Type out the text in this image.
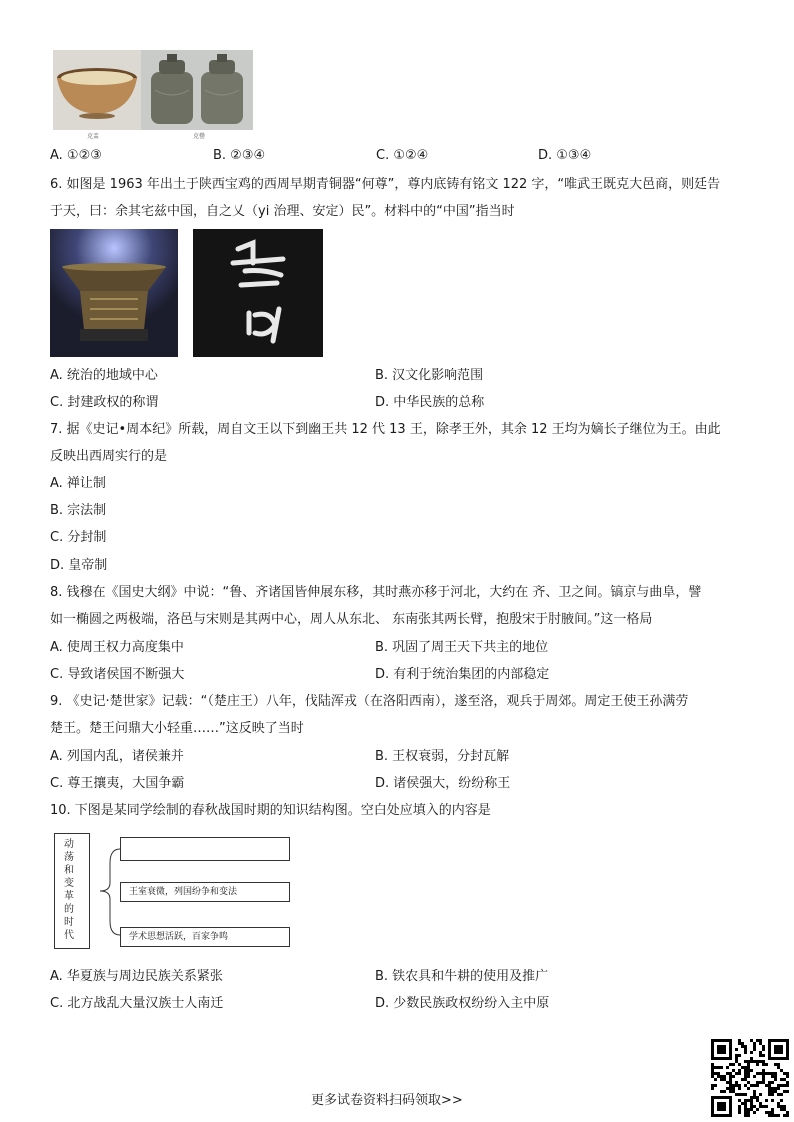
克盂	克罍
A. ①②③	B. ②③④	C. ①②④	D. ①③④
6. 如图是 1963 年出土于陕西宝鸡的西周早期青铜器“何尊”，尊内底铸有铭文 122 字，“唯武王既克大邑商，则廷告
于天，曰：余其宅兹中国，自之乂（yi 治理、安定）民”。材料中的“中国”指当时
A. 统治的地域中心	B. 汉文化影响范围
C. 封建政权的称谓	D. 中华民族的总称
7. 据《史记•周本纪》所载，周自文王以下到幽王共 12 代 13 王，除孝王外，其余 12 王均为嫡长子继位为王。由此
反映出西周实行的是
A. 禅让制
B. 宗法制
C. 分封制
D. 皇帝制
8. 钱穆在《国史大纲》中说：“鲁、齐诸国皆伸展东移，其时燕亦移于河北，大约在 齐、卫之间。镐京与曲阜，譬
如一椭圆之两极端，洛邑与宋则是其两中心，周人从东北、 东南张其两长臂，抱殷宋于肘腋间。”这一格局
A. 使周王权力高度集中	B. 巩固了周王天下共主的地位
C. 导致诸侯国不断强大	D. 有利于统治集团的内部稳定
9. 《史记·楚世家》记载：“（楚庄王）八年，伐陆浑戎（在洛阳西南），遂至洛，观兵于周郊。周定王使王孙满劳
楚王。楚王问鼎大小轻重……”这反映了当时
A. 列国内乱，诸侯兼并	B. 王权衰弱，分封瓦解
C. 尊王攘夷，大国争霸	D. 诸侯强大，纷纷称王
10. 下图是某同学绘制的春秋战国时期的知识结构图。空白处应填入的内容是
动荡和变革的时代
王室衰微，列国纷争和变法
学术思想活跃，百家争鸣
A. 华夏族与周边民族关系紧张	B. 铁农具和牛耕的使用及推广
C. 北方战乱大量汉族士人南迁	D. 少数民族政权纷纷入主中原
更多试卷资料扫码领取>>
